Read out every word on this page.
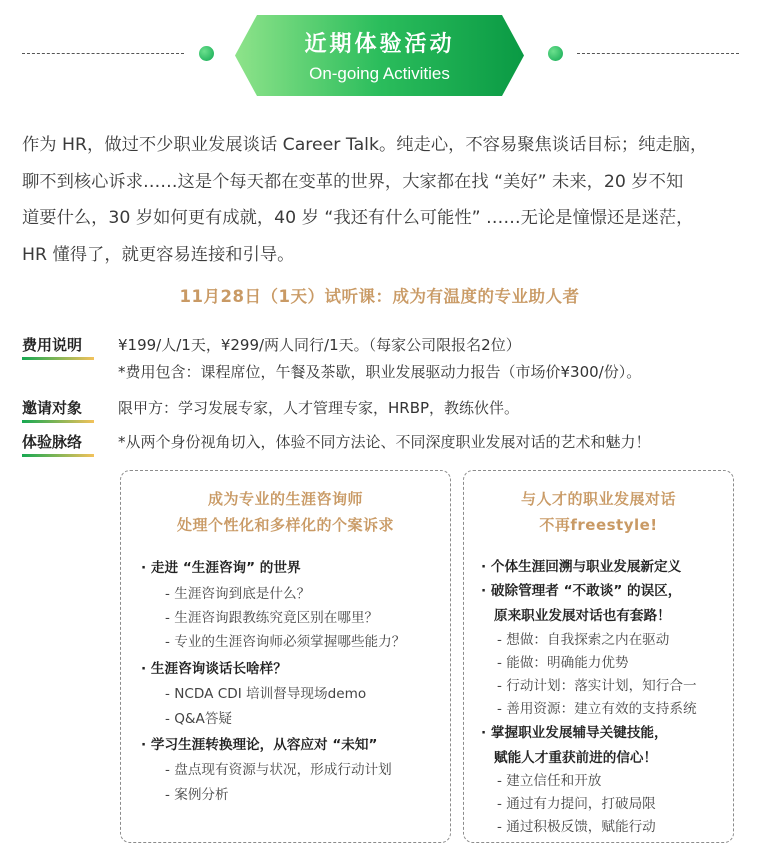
近期体验活动
On-going Activities
作为 HR，做过不少职业发展谈话 Career Talk。纯走心，不容易聚焦谈话目标；纯走脑，
聊不到核心诉求……这是个每天都在变革的世界，大家都在找 “美好” 未来，20 岁不知
道要什么，30 岁如何更有成就，40 岁 “我还有什么可能性” ……无论是憧憬还是迷茫，
HR 懂得了，就更容易连接和引导。
11月28日（1天）试听课：成为有温度的专业助人者
费用说明 ¥199/人/1天，¥299/两人同行/1天。（每家公司限报名2位）
*费用包含：课程席位，午餐及茶歇，职业发展驱动力报告（市场价¥300/份）。
邀请对象 限甲方：学习发展专家，人才管理专家，HRBP，教练伙伴。
体验脉络 *从两个身份视角切入，体验不同方法论、不同深度职业发展对话的艺术和魅力！
成为专业的生涯咨询师
处理个性化和多样化的个案诉求
· 走进 “生涯咨询” 的世界
- 生涯咨询到底是什么？
- 生涯咨询跟教练究竟区别在哪里？
- 专业的生涯咨询师必须掌握哪些能力？
· 生涯咨询谈话长啥样？
- NCDA CDI 培训督导现场demo
- Q&A答疑
· 学习生涯转换理论，从容应对 “未知”
- 盘点现有资源与状况，形成行动计划
- 案例分析
与人才的职业发展对话
不再freestyle!
· 个体生涯回溯与职业发展新定义
· 破除管理者 “不敢谈” 的误区，
原来职业发展对话也有套路！
- 想做：自我探索之内在驱动
- 能做：明确能力优势
- 行动计划：落实计划，知行合一
- 善用资源：建立有效的支持系统
· 掌握职业发展辅导关键技能，
赋能人才重获前进的信心！
- 建立信任和开放
- 通过有力提问，打破局限
- 通过积极反馈，赋能行动
